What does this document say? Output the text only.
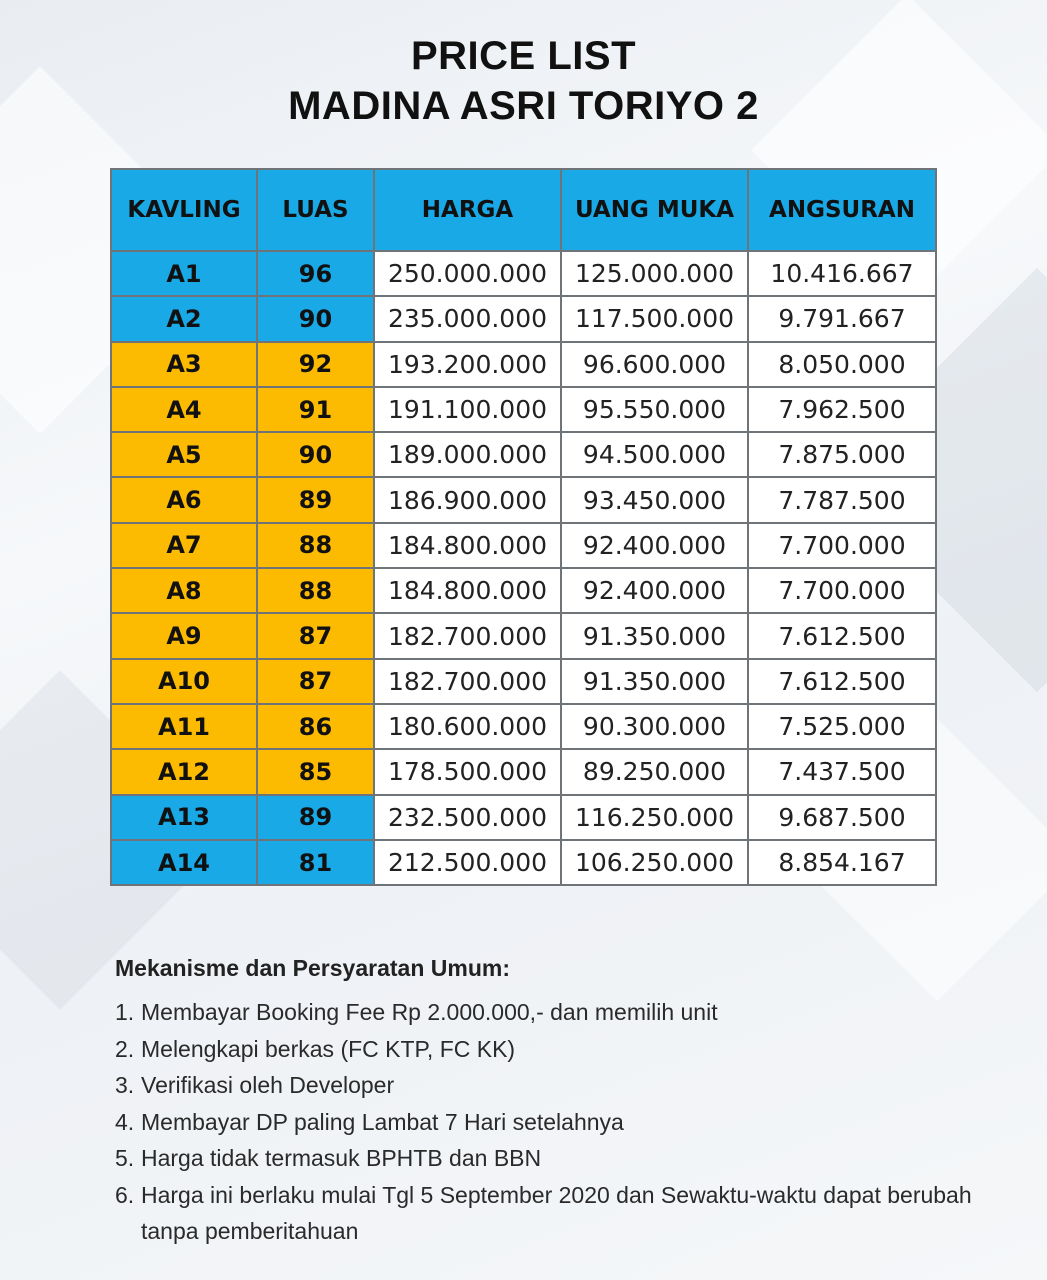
PRICE LIST
MADINA ASRI TORIYO 2
KAVLING	LUAS	HARGA	UANG MUKA	ANGSURAN
A1	96	250.000.000	125.000.000	10.416.667
A2	90	235.000.000	117.500.000	9.791.667
A3	92	193.200.000	96.600.000	8.050.000
A4	91	191.100.000	95.550.000	7.962.500
A5	90	189.000.000	94.500.000	7.875.000
A6	89	186.900.000	93.450.000	7.787.500
A7	88	184.800.000	92.400.000	7.700.000
A8	88	184.800.000	92.400.000	7.700.000
A9	87	182.700.000	91.350.000	7.612.500
A10	87	182.700.000	91.350.000	7.612.500
A11	86	180.600.000	90.300.000	7.525.000
A12	85	178.500.000	89.250.000	7.437.500
A13	89	232.500.000	116.250.000	9.687.500
A14	81	212.500.000	106.250.000	8.854.167
Mekanisme dan Persyaratan Umum:
1. Membayar Booking Fee Rp 2.000.000,- dan memilih unit
2. Melengkapi berkas (FC KTP, FC KK)
3. Verifikasi oleh Developer
4. Membayar DP paling Lambat 7 Hari setelahnya
5. Harga tidak termasuk BPHTB dan BBN
6. Harga ini berlaku mulai Tgl 5 September 2020 dan Sewaktu-waktu dapat berubah tanpa pemberitahuan
